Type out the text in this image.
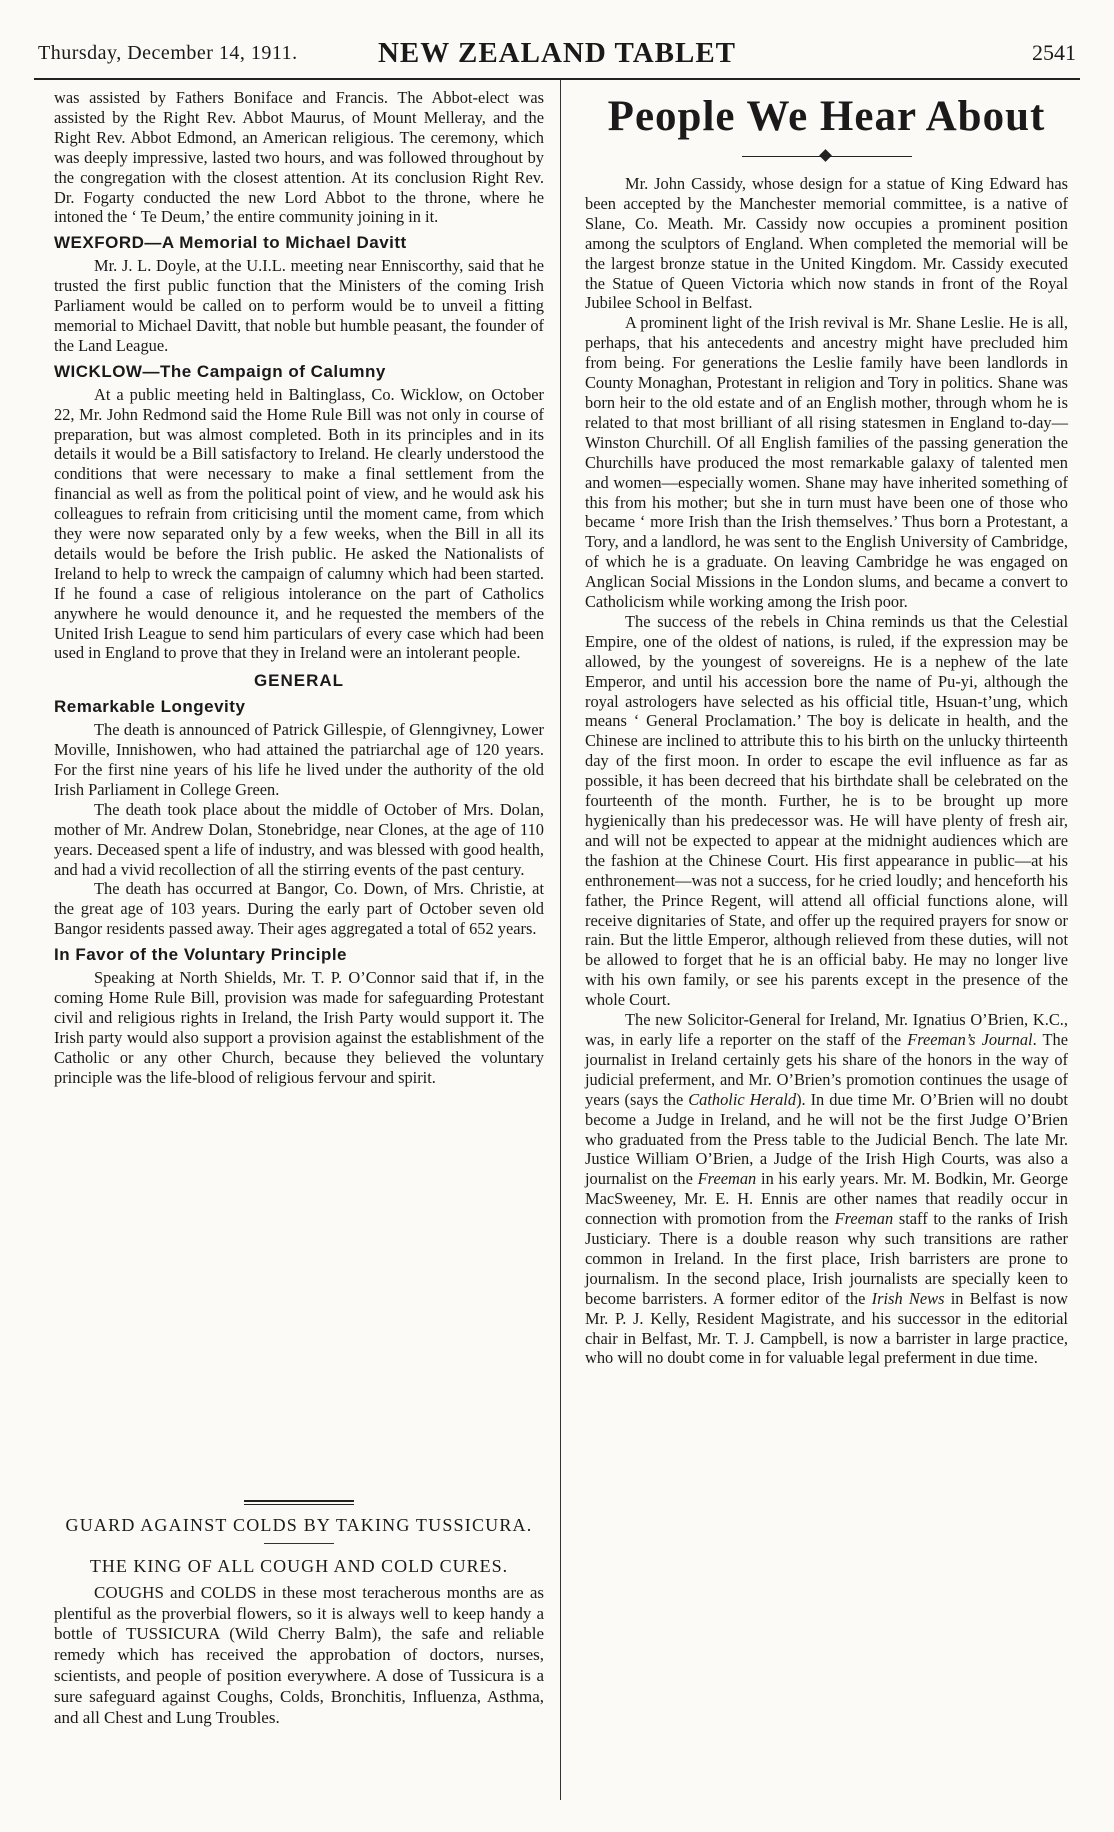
Thursday, December 14, 1911.	NEW ZEALAND TABLET	2541

was assisted by Fathers Boniface and Francis. The Abbot-elect was assisted by the Right Rev. Abbot Maurus, of Mount Melleray, and the Right Rev. Abbot Edmond, an American religious. The ceremony, which was deeply impressive, lasted two hours, and was followed throughout by the congregation with the closest attention. At its conclusion Right Rev. Dr. Fogarty conducted the new Lord Abbot to the throne, where he intoned the ‘ Te Deum,’ the entire community joining in it.

WEXFORD—A Memorial to Michael Davitt

Mr. J. L. Doyle, at the U.I.L. meeting near Enniscorthy, said that he trusted the first public function that the Ministers of the coming Irish Parliament would be called on to perform would be to unveil a fitting memorial to Michael Davitt, that noble but humble peasant, the founder of the Land League.

WICKLOW—The Campaign of Calumny

At a public meeting held in Baltinglass, Co. Wicklow, on October 22, Mr. John Redmond said the Home Rule Bill was not only in course of preparation, but was almost completed. Both in its principles and in its details it would be a Bill satisfactory to Ireland. He clearly understood the conditions that were necessary to make a final settlement from the financial as well as from the political point of view, and he would ask his colleagues to refrain from criticising until the moment came, from which they were now separated only by a few weeks, when the Bill in all its details would be before the Irish public. He asked the Nationalists of Ireland to help to wreck the campaign of calumny which had been started. If he found a case of religious intolerance on the part of Catholics anywhere he would denounce it, and he requested the members of the United Irish League to send him particulars of every case which had been used in England to prove that they in Ireland were an intolerant people.

GENERAL
Remarkable Longevity

The death is announced of Patrick Gillespie, of Glenngivney, Lower Moville, Innishowen, who had attained the patriarchal age of 120 years. For the first nine years of his life he lived under the authority of the old Irish Parliament in College Green.

The death took place about the middle of October of Mrs. Dolan, mother of Mr. Andrew Dolan, Stonebridge, near Clones, at the age of 110 years. Deceased spent a life of industry, and was blessed with good health, and had a vivid recollection of all the stirring events of the past century.

The death has occurred at Bangor, Co. Down, of Mrs. Christie, at the great age of 103 years. During the early part of October seven old Bangor residents passed away. Their ages aggregated a total of 652 years.

In Favor of the Voluntary Principle

Speaking at North Shields, Mr. T. P. O’Connor said that if, in the coming Home Rule Bill, provision was made for safeguarding Protestant civil and religious rights in Ireland, the Irish Party would support it. The Irish party would also support a provision against the establishment of the Catholic or any other Church, because they believed the voluntary principle was the life-blood of religious fervour and spirit.

GUARD AGAINST COLDS BY TAKING TUSSICURA.
THE KING OF ALL COUGH AND COLD CURES.

COUGHS and COLDS in these most teracherous months are as plentiful as the proverbial flowers, so it is always well to keep handy a bottle of TUSSICURA (Wild Cherry Balm), the safe and reliable remedy which has received the approbation of doctors, nurses, scientists, and people of position everywhere. A dose of Tussicura is a sure safeguard against Coughs, Colds, Bronchitis, Influenza, Asthma, and all Chest and Lung Troubles.

People We Hear About

Mr. John Cassidy, whose design for a statue of King Edward has been accepted by the Manchester memorial committee, is a native of Slane, Co. Meath. Mr. Cassidy now occupies a prominent position among the sculptors of England. When completed the memorial will be the largest bronze statue in the United Kingdom. Mr. Cassidy executed the Statue of Queen Victoria which now stands in front of the Royal Jubilee School in Belfast.

A prominent light of the Irish revival is Mr. Shane Leslie. He is all, perhaps, that his antecedents and ancestry might have precluded him from being. For generations the Leslie family have been landlords in County Monaghan, Protestant in religion and Tory in politics. Shane was born heir to the old estate and of an English mother, through whom he is related to that most brilliant of all rising statesmen in England to-day—Winston Churchill. Of all English families of the passing generation the Churchills have produced the most remarkable galaxy of talented men and women—especially women. Shane may have inherited something of this from his mother; but she in turn must have been one of those who became ‘ more Irish than the Irish themselves.’ Thus born a Protestant, a Tory, and a landlord, he was sent to the English University of Cambridge, of which he is a graduate. On leaving Cambridge he was engaged on Anglican Social Missions in the London slums, and became a convert to Catholicism while working among the Irish poor.

The success of the rebels in China reminds us that the Celestial Empire, one of the oldest of nations, is ruled, if the expression may be allowed, by the youngest of sovereigns. He is a nephew of the late Emperor, and until his accession bore the name of Pu-yi, although the royal astrologers have selected as his official title, Hsuan-t’ung, which means ‘ General Proclamation.’ The boy is delicate in health, and the Chinese are inclined to attribute this to his birth on the unlucky thirteenth day of the first moon. In order to escape the evil influence as far as possible, it has been decreed that his birthdate shall be celebrated on the fourteenth of the month. Further, he is to be brought up more hygienically than his predecessor was. He will have plenty of fresh air, and will not be expected to appear at the midnight audiences which are the fashion at the Chinese Court. His first appearance in public—at his enthronement—was not a success, for he cried loudly; and henceforth his father, the Prince Regent, will attend all official functions alone, will receive dignitaries of State, and offer up the required prayers for snow or rain. But the little Emperor, although relieved from these duties, will not be allowed to forget that he is an official baby. He may no longer live with his own family, or see his parents except in the presence of the whole Court.

The new Solicitor-General for Ireland, Mr. Ignatius O’Brien, K.C., was, in early life a reporter on the staff of the Freeman’s Journal. The journalist in Ireland certainly gets his share of the honors in the way of judicial preferment, and Mr. O’Brien’s promotion continues the usage of years (says the Catholic Herald). In due time Mr. O’Brien will no doubt become a Judge in Ireland, and he will not be the first Judge O’Brien who graduated from the Press table to the Judicial Bench. The late Mr. Justice William O’Brien, a Judge of the Irish High Courts, was also a journalist on the Freeman in his early years. Mr. M. Bodkin, Mr. George MacSweeney, Mr. E. H. Ennis are other names that readily occur in connection with promotion from the Freeman staff to the ranks of Irish Justiciary. There is a double reason why such transitions are rather common in Ireland. In the first place, Irish barristers are prone to journalism. In the second place, Irish journalists are specially keen to become barristers. A former editor of the Irish News in Belfast is now Mr. P. J. Kelly, Resident Magistrate, and his successor in the editorial chair in Belfast, Mr. T. J. Campbell, is now a barrister in large practice, who will no doubt come in for valuable legal preferment in due time.
